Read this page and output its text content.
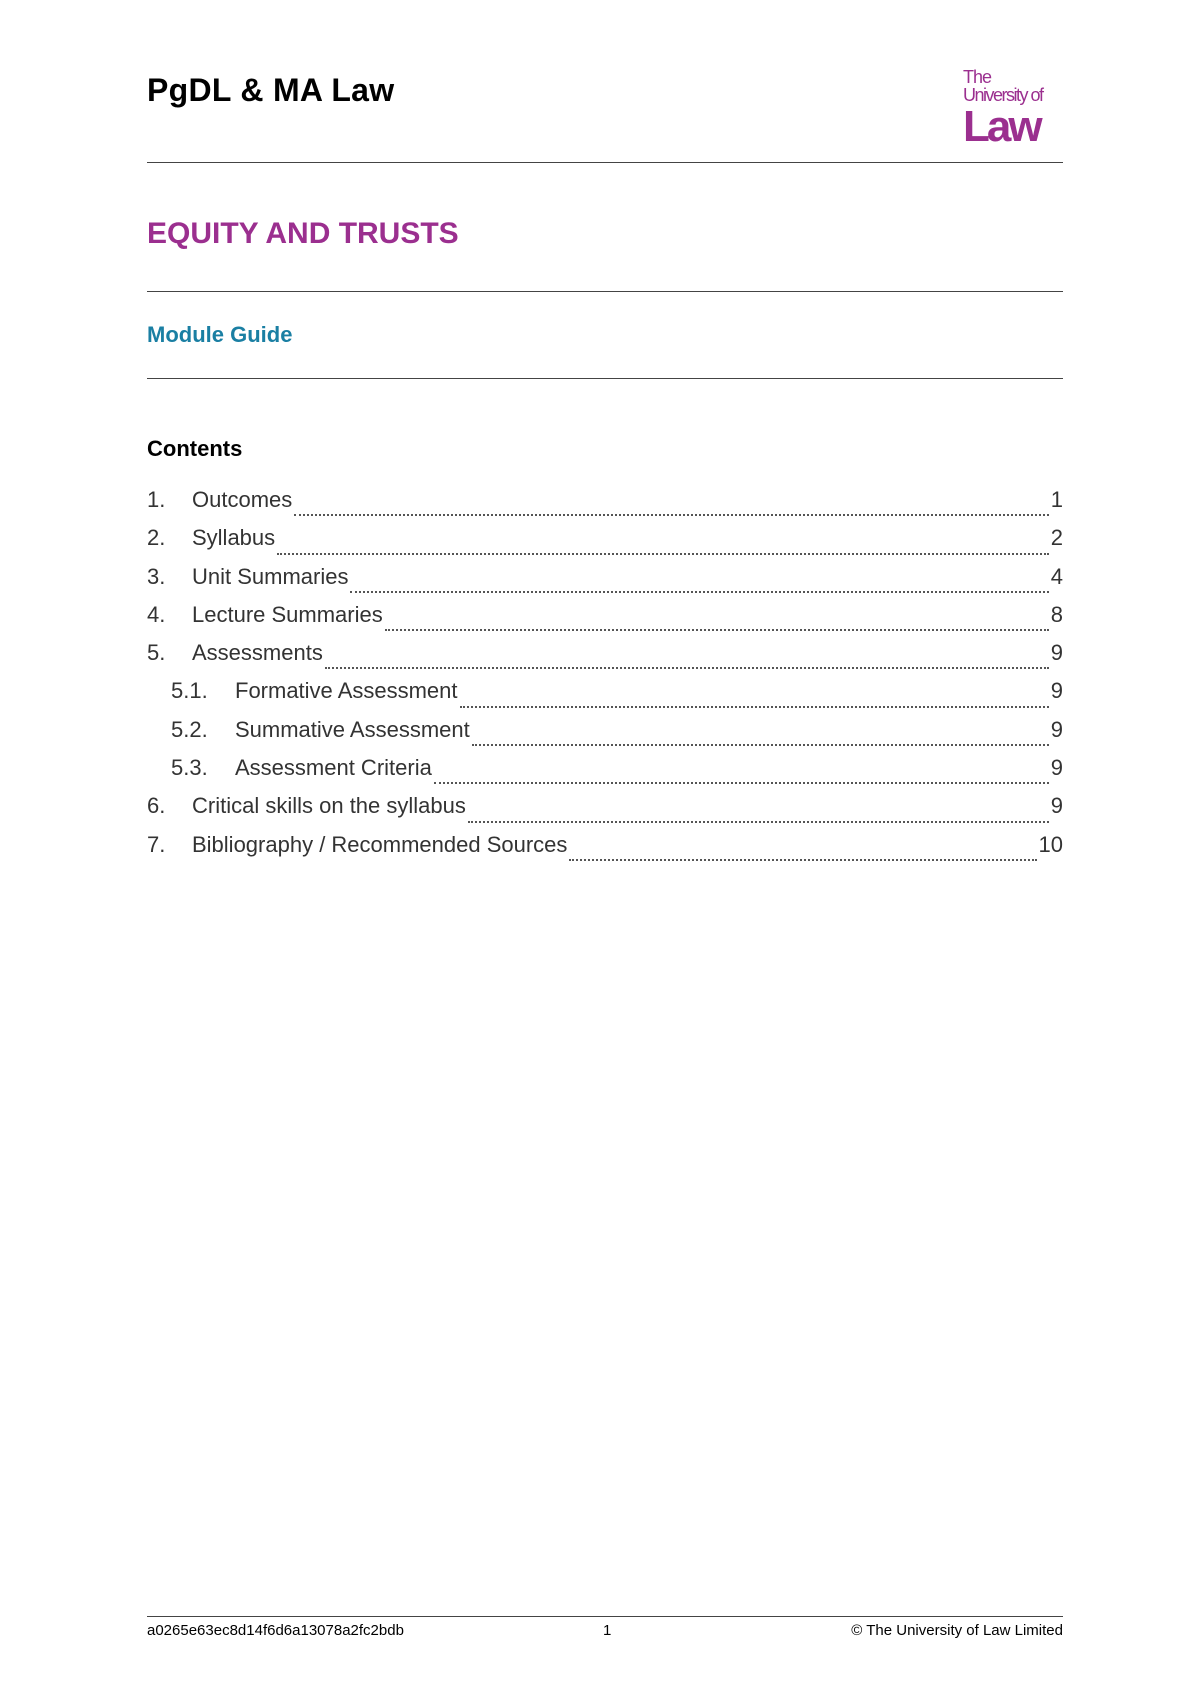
PgDL & MA Law	The
University of
Law
EQUITY AND TRUSTS
Module Guide
Contents
1.	Outcomes	1
2.	Syllabus	2
3.	Unit Summaries	4
4.	Lecture Summaries	8
5.	Assessments	9
5.1.	Formative Assessment	9
5.2.	Summative Assessment	9
5.3.	Assessment Criteria	9
6.	Critical skills on the syllabus	9
7.	Bibliography / Recommended Sources	10
a0265e63ec8d14f6d6a13078a2fc2bdb	1	© The University of Law Limited
